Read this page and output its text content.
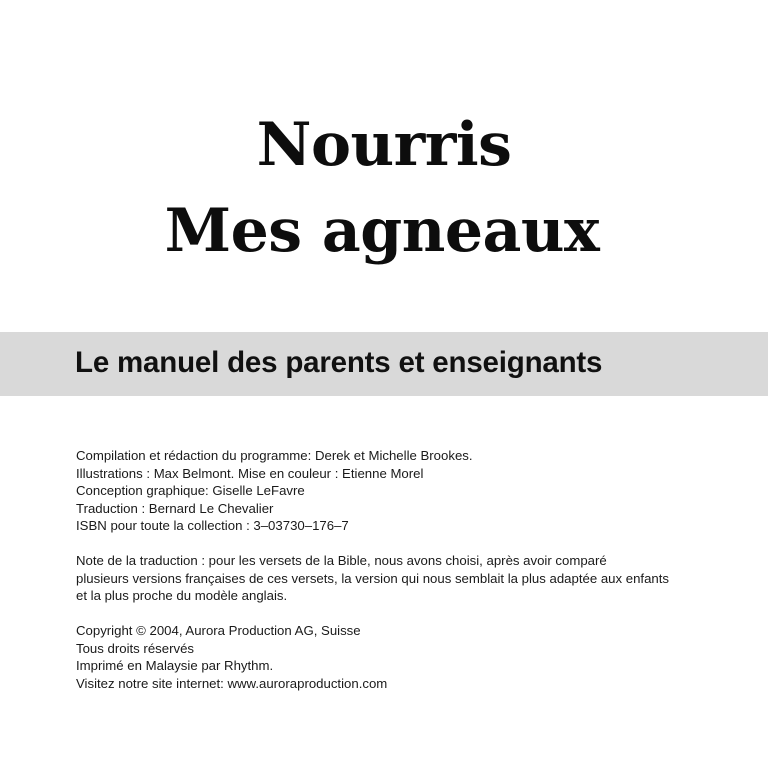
Nourris
Mes agneaux
Le manuel des parents et enseignants
Compilation et rédaction du programme: Derek et Michelle Brookes.
Illustrations : Max Belmont. Mise en couleur : Etienne Morel
Conception graphique: Giselle LeFavre
Traduction : Bernard Le Chevalier
ISBN pour toute la collection : 3–03730–176–7
Note de la traduction : pour les versets de la Bible, nous avons choisi, après avoir comparé
plusieurs versions françaises de ces versets, la version qui nous semblait la plus adaptée aux enfants
et la plus proche du modèle anglais.
Copyright © 2004, Aurora Production AG, Suisse
Tous droits réservés
Imprimé en Malaysie par Rhythm.
Visitez notre site internet: www.auroraproduction.com
